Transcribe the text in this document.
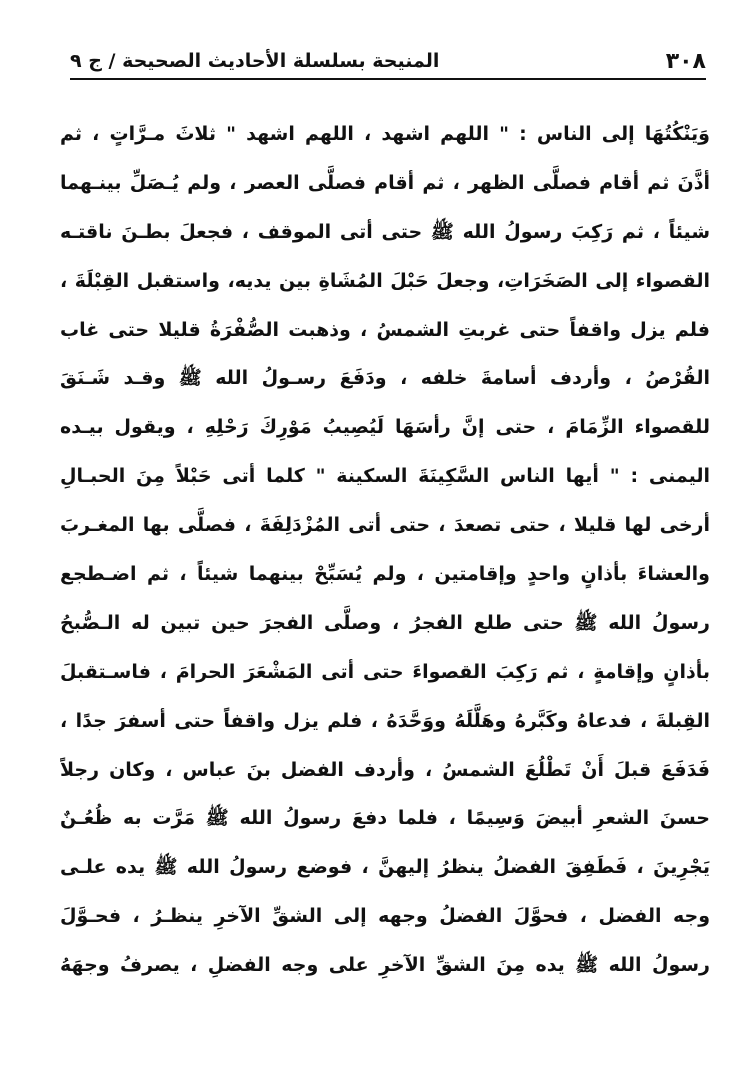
المنيحة بسلسلة الأحاديث الصحيحة / ج ٩	٣٠٨
وَيَنْكُتُهَا إلى الناس : " اللهم اشهد ، اللهم اشهد " ثلاثَ مـرَّاتٍ ، ثم
أذَّنَ ثم أقام فصلَّى الظهر ، ثم أقام فصلَّى العصر ، ولم يُـصَلِّ بينـهما
شيئاً ، ثم رَكِبَ رسولُ الله ﷺ حتى أتى الموقف ، فجعلَ بطـنَ ناقتـه
القصواء إلى الصَخَرَاتِ، وجعلَ حَبْلَ المُشَاةِ بين يديه، واستقبل القِبْلَةَ ،
فلم يزل واقفاً حتى غربتِ الشمسُ ، وذهبت الصُّفْرَةُ قليلا حتى غاب
القُرْصُ ، وأردف أسامةَ خلفه ، ودَفَعَ رسـولُ الله ﷺ وقـد شَـنَقَ
للقصواء الزِّمَامَ ، حتى إنَّ رأسَهَا لَيُصِيبُ مَوْرِكَ رَحْلِهِ ، ويقول بيـده
اليمنى : " أيها الناس السَّكِينَةَ السكينة " كلما أتى حَبْلاً مِنَ الحبـالِ
أرخى لها قليلا ، حتى تصعدَ ، حتى أتى المُزْدَلِفَةَ ، فصلَّى بها المغـربَ
والعشاءَ بأذانٍ واحدٍ وإقامتين ، ولم يُسَبِّحْ بينهما شيئاً ، ثم اضـطجع
رسولُ الله ﷺ حتى طلع الفجرُ ، وصلَّى الفجرَ حين تبين له الـصُّبحُ
بأذانٍ وإقامةٍ ، ثم رَكِبَ القصواءَ حتى أتى المَشْعَرَ الحرامَ ، فاسـتقبلَ
القِبلةَ ، فدعاهُ وكَبَّرهُ وهَلَّلَهُ ووَحَّدَهُ ، فلم يزل واقفاً حتى أسفرَ جدًا ،
فَدَفَعَ قبلَ أَنْ تَطْلُعَ الشمسُ ، وأردف الفضل بنَ عباس ، وكان رجلاً
حسنَ الشعرِ أبيضَ وَسِيمًا ، فلما دفعَ رسولُ الله ﷺ مَرَّت به ظُعُـنٌ
يَجْرِينَ ، فَطَفِقَ الفضلُ ينظرُ إليهنَّ ، فوضع رسولُ الله ﷺ يده علـى
وجه الفضل ، فحوَّلَ الفضلُ وجهه إلى الشقِّ الآخرِ ينظـرُ ، فحـوَّلَ
رسولُ الله ﷺ يده مِنَ الشقِّ الآخرِ على وجه الفضلِ ، يصرفُ وجهَهُ
